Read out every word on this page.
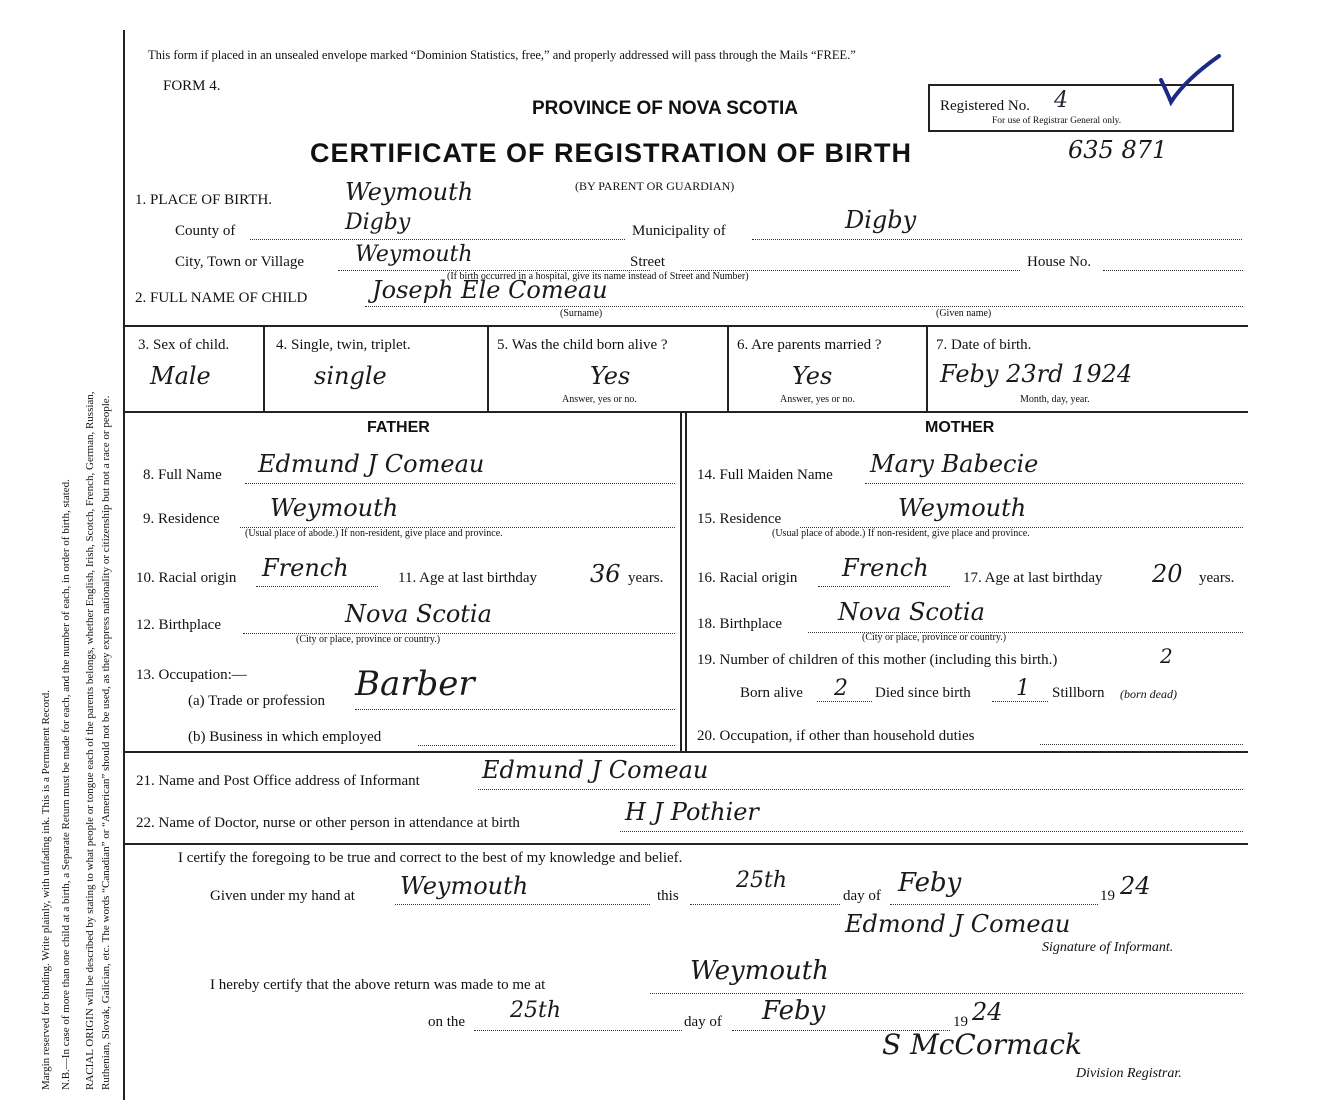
Margin reserved for binding. Write plainly, with unfading ink. This is a Permanent Record. N.B.—In case of more than one child at a birth, a Separate Return must be made for each, and the number of each, in order of birth, stated. RACIAL ORIGIN will be described by stating to what people or tongue each of the parents belongs, whether English, Irish, Scotch, French, German, Russian, Ruthenian, Slovak, Galician, etc. The words “Canadian” or “American” should not be used, as they express nationality or citizenship but not a race or people.
This form if placed in an unsealed envelope marked “Dominion Statistics, free,” and properly addressed will pass through the Mails “FREE.”
FORM 4.
PROVINCE OF NOVA SCOTIA
CERTIFICATE OF REGISTRATION OF BIRTH	635 871
(BY PARENT OR GUARDIAN)
Registered No. 4
For use of Registrar General only.
1. PLACE OF BIRTH.	Weymouth
County of	Digby	Municipality of	Digby
City, Town or Village Weymouth	Street	House No.
(If birth occurred in a hospital, give its name instead of Street and Number)
2. FULL NAME OF CHILD	Joseph Ele Comeau
(Surname)	(Given name)
3. Sex of child.
Male
4. Single, twin, triplet.
single
5. Was the child born alive ?
Yes
Answer, yes or no.
6. Are parents married ?
Yes
Answer, yes or no.
7. Date of birth.
Feby 23rd 1924
Month, day, year.
FATHER
8. Full Name Edmund J Comeau
9. Residence Weymouth
(Usual place of abode.) If non-resident, give place and province.
10. Racial origin French	11. Age at last birthday 36 years.
12. Birthplace	Nova Scotia
(City or place, province or country.)
13. Occupation:—
(a) Trade or profession Barber
(b) Business in which employed
MOTHER
14. Full Maiden Name Mary Babecie
15. Residence	Weymouth
(Usual place of abode.) If non-resident, give place and province.
16. Racial origin French 17. Age at last birthday 20 years.
18. Birthplace Nova Scotia
(City or place, province or country.)
19. Number of children of this mother (including this birth.)	2
Born alive 2 Died since birth 1 Stillborn (born dead)
20. Occupation, if other than household duties
21. Name and Post Office address of Informant	Edmund J Comeau
22. Name of Doctor, nurse or other person in attendance at birth	H J Pothier
I certify the foregoing to be true and correct to the best of my knowledge and belief.
Given under my hand at Weymouth	this
25th
day of Feby	19 24
Edmond J Comeau
Signature of Informant.
I hereby certify that the above return was made to me at	Weymouth
on the 25th	day of Feby	19 24
S McCormack
Division Registrar.
